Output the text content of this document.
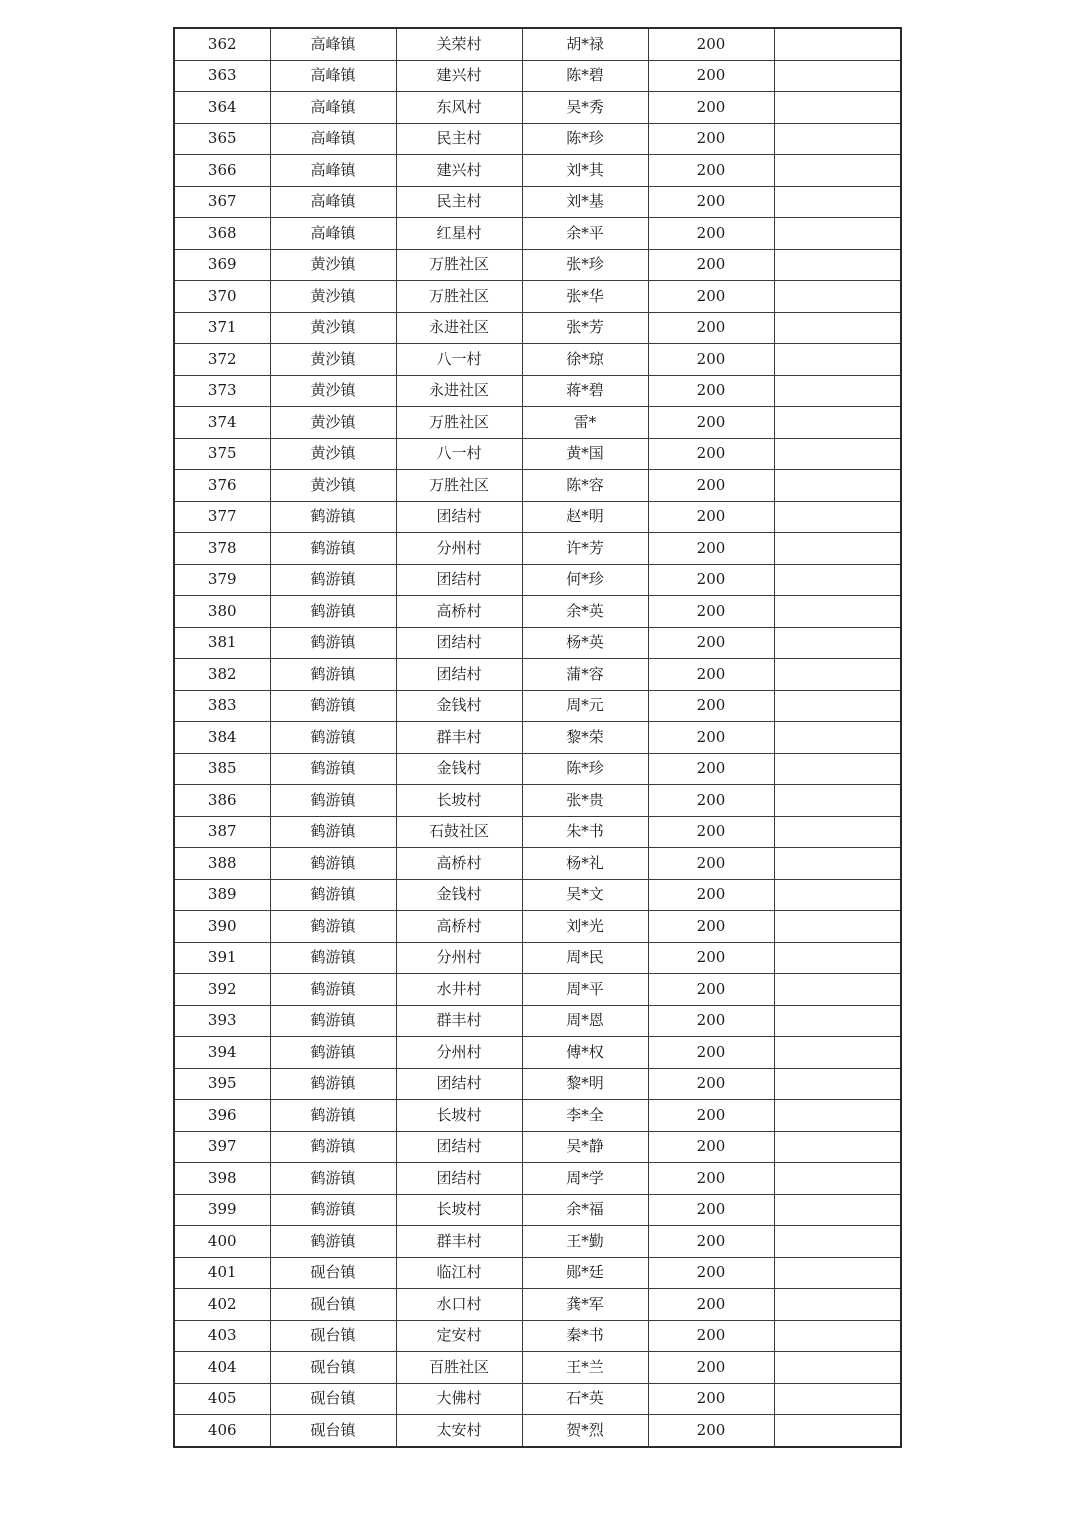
362	高峰镇	关荣村	胡*禄	200	
363	高峰镇	建兴村	陈*碧	200	
364	高峰镇	东风村	吴*秀	200	
365	高峰镇	民主村	陈*珍	200	
366	高峰镇	建兴村	刘*其	200	
367	高峰镇	民主村	刘*基	200	
368	高峰镇	红星村	余*平	200	
369	黄沙镇	万胜社区	张*珍	200	
370	黄沙镇	万胜社区	张*华	200	
371	黄沙镇	永进社区	张*芳	200	
372	黄沙镇	八一村	徐*琼	200	
373	黄沙镇	永进社区	蒋*碧	200	
374	黄沙镇	万胜社区	雷*	200	
375	黄沙镇	八一村	黄*国	200	
376	黄沙镇	万胜社区	陈*容	200	
377	鹤游镇	团结村	赵*明	200	
378	鹤游镇	分州村	许*芳	200	
379	鹤游镇	团结村	何*珍	200	
380	鹤游镇	高桥村	余*英	200	
381	鹤游镇	团结村	杨*英	200	
382	鹤游镇	团结村	蒲*容	200	
383	鹤游镇	金钱村	周*元	200	
384	鹤游镇	群丰村	黎*荣	200	
385	鹤游镇	金钱村	陈*珍	200	
386	鹤游镇	长坡村	张*贵	200	
387	鹤游镇	石鼓社区	朱*书	200	
388	鹤游镇	高桥村	杨*礼	200	
389	鹤游镇	金钱村	吴*文	200	
390	鹤游镇	高桥村	刘*光	200	
391	鹤游镇	分州村	周*民	200	
392	鹤游镇	水井村	周*平	200	
393	鹤游镇	群丰村	周*恩	200	
394	鹤游镇	分州村	傅*权	200	
395	鹤游镇	团结村	黎*明	200	
396	鹤游镇	长坡村	李*全	200	
397	鹤游镇	团结村	吴*静	200	
398	鹤游镇	团结村	周*学	200	
399	鹤游镇	长坡村	余*福	200	
400	鹤游镇	群丰村	王*勤	200	
401	砚台镇	临江村	郧*廷	200	
402	砚台镇	水口村	龚*军	200	
403	砚台镇	定安村	秦*书	200	
404	砚台镇	百胜社区	王*兰	200	
405	砚台镇	大佛村	石*英	200	
406	砚台镇	太安村	贺*烈	200	
